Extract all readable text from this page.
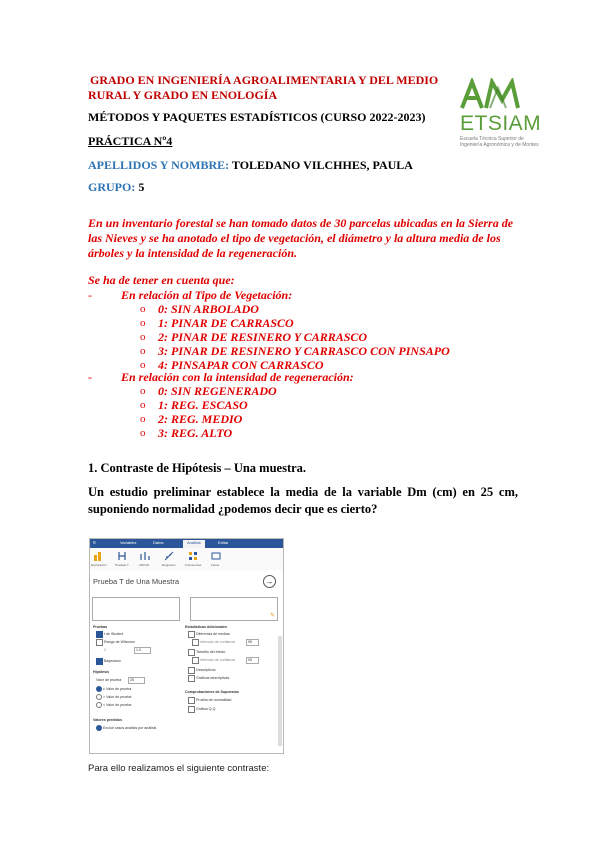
GRADO EN INGENIERÍA AGROALIMENTARIA Y DEL MEDIO
RURAL Y GRADO EN ENOLOGÍA
MÉTODOS Y PAQUETES ESTADÍSTICOS (CURSO 2022-2023)
PRÁCTICA Nº4
APELLIDOS Y NOMBRE: TOLEDANO VILCHHES, PAULA
GRUPO: 5
ETSIAM
Escuela Técnica Superior de
Ingeniería Agronómica y de Montes
En un inventario forestal se han tomado datos de 30 parcelas ubicadas en la Sierra de
las Nieves y se ha anotado el tipo de vegetación, el diámetro y la altura media de los
árboles y la intensidad de la regeneración.
Se ha de tener en cuenta que:
- En relación al Tipo de Vegetación:
o 0: SIN ARBOLADO
o 1: PINAR DE CARRASCO
o 2: PINAR DE RESINERO Y CARRASCO
o 3: PINAR DE RESINERO Y CARRASCO CON PINSAPO
o 4: PINSAPAR CON CARRASCO
- En relación con la intensidad de regeneración:
o 0: SIN REGENERADO
o 1: REG. ESCASO
o 2: REG. MEDIO
o 3: REG. ALTO
1. Contraste de Hipótesis – Una muestra.
Un estudio preliminar establece la media de la variable Dm (cm) en 25 cm,
suponiendo normalidad ¿podemos decir que es cierto?
≡	Variables	Datos	Análisis	Editar
Exploración	Pruebas T	ANOVA	Regresión	Frecuencias	Factor
Prueba T de Una Muestra	→
✎
Pruebas
t de Student
Rango de Wilcoxon
Z	1.0
Bayesiano
Hipótesis
Valor de prueba	25
≠ Valor de prueba
> Valor de prueba
< Valor de prueba
Valores perdidos
Excluir casos análisis por análisis
Estadísticas Adicionales
Diferencia de medias
Intervalo de confianza	95
Tamaño del efecto
Intervalo de confianza	95
Descriptivos
Gráficas descriptivas
Comprobaciones de Supuestos
Prueba de normalidad
Gráfica Q-Q
Para ello realizamos el siguiente contraste:
